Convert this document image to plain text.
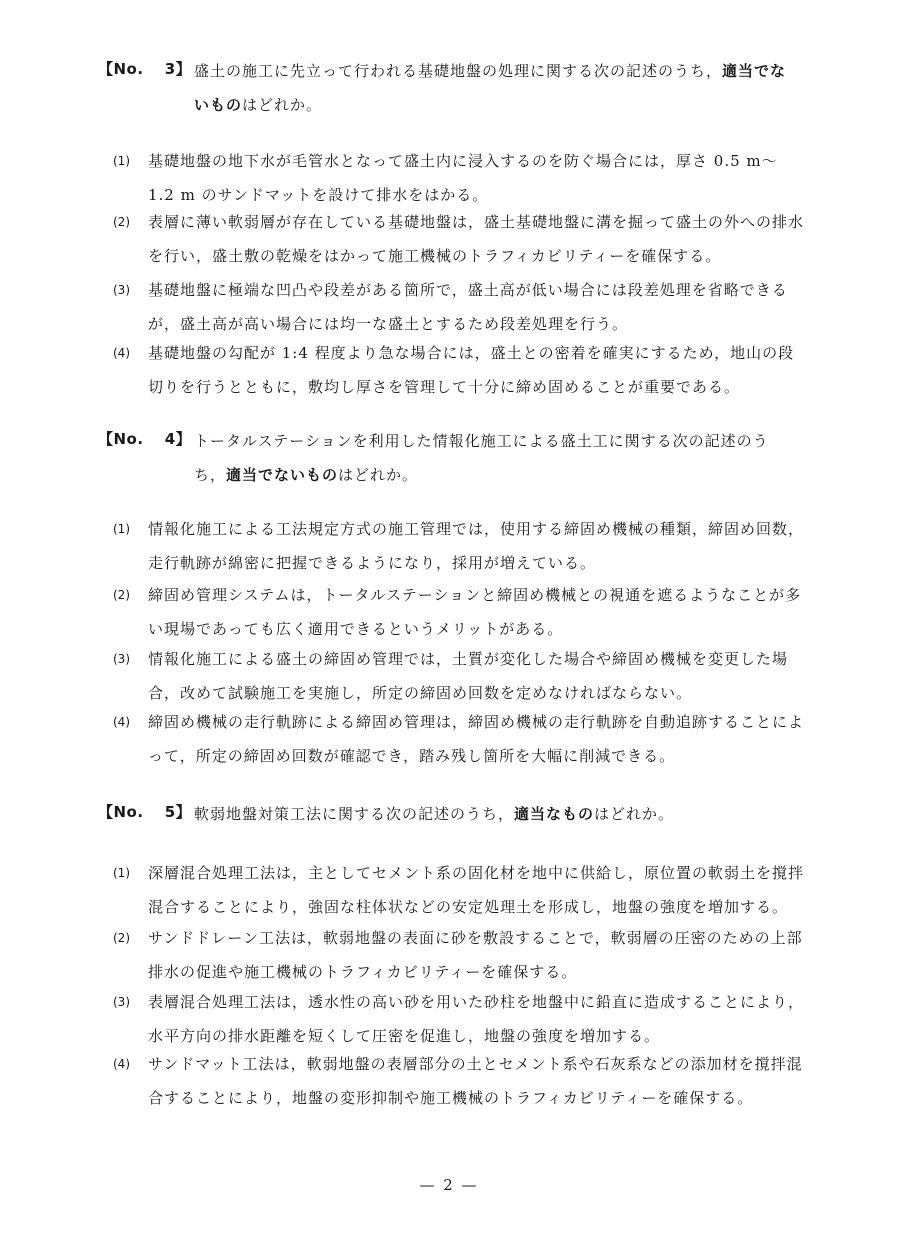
【No.　 3】 盛土の施工に先立って行われる基礎地盤の処理に関する次の記述のうち，適当でないものはどれか。

(1) 基礎地盤の地下水が毛管水となって盛土内に浸入するのを防ぐ場合には，厚さ 0.5 m〜1.2 m のサンドマットを設けて排水をはかる。

(2) 表層に薄い軟弱層が存在している基礎地盤は，盛土基礎地盤に溝を掘って盛土の外への排水を行い，盛土敷の乾燥をはかって施工機械のトラフィカビリティーを確保する。

(3) 基礎地盤に極端な凹凸や段差がある箇所で，盛土高が低い場合には段差処理を省略できるが，盛土高が高い場合には均一な盛土とするため段差処理を行う。

(4) 基礎地盤の勾配が 1:4 程度より急な場合には，盛土との密着を確実にするため，地山の段切りを行うとともに，敷均し厚さを管理して十分に締め固めることが重要である。

【No.　 4】 トータルステーションを利用した情報化施工による盛土工に関する次の記述のうち，適当でないものはどれか。

(1) 情報化施工による工法規定方式の施工管理では，使用する締固め機械の種類，締固め回数，走行軌跡が綿密に把握できるようになり，採用が増えている。

(2) 締固め管理システムは，トータルステーションと締固め機械との視通を遮るようなことが多い現場であっても広く適用できるというメリットがある。

(3) 情報化施工による盛土の締固め管理では，土質が変化した場合や締固め機械を変更した場合，改めて試験施工を実施し，所定の締固め回数を定めなければならない。

(4) 締固め機械の走行軌跡による締固め管理は，締固め機械の走行軌跡を自動追跡することによって，所定の締固め回数が確認でき，踏み残し箇所を大幅に削減できる。

【No.　 5】 軟弱地盤対策工法に関する次の記述のうち，適当なものはどれか。

(1) 深層混合処理工法は，主としてセメント系の固化材を地中に供給し，原位置の軟弱土を撹拌混合することにより，強固な柱体状などの安定処理土を形成し，地盤の強度を増加する。

(2) サンドドレーン工法は，軟弱地盤の表面に砂を敷設することで，軟弱層の圧密のための上部排水の促進や施工機械のトラフィカビリティーを確保する。

(3) 表層混合処理工法は，透水性の高い砂を用いた砂柱を地盤中に鉛直に造成することにより，水平方向の排水距離を短くして圧密を促進し，地盤の強度を増加する。

(4) サンドマット工法は，軟弱地盤の表層部分の土とセメント系や石灰系などの添加材を撹拌混合することにより，地盤の変形抑制や施工機械のトラフィカビリティーを確保する。

— 2 —
